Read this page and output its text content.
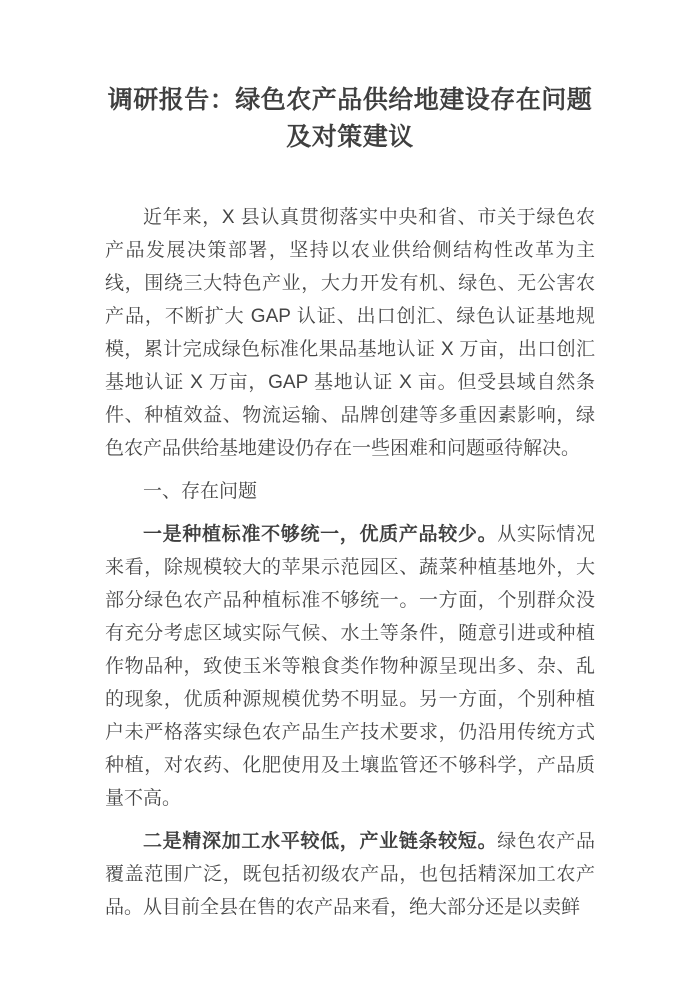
调研报告：绿色农产品供给地建设存在问题及对策建议

近年来，X 县认真贯彻落实中央和省、市关于绿色农产品发展决策部署，坚持以农业供给侧结构性改革为主线，围绕三大特色产业，大力开发有机、绿色、无公害农产品，不断扩大 GAP 认证、出口创汇、绿色认证基地规模，累计完成绿色标准化果品基地认证 X 万亩，出口创汇基地认证 X 万亩，GAP 基地认证 X 亩。但受县域自然条件、种植效益、物流运输、品牌创建等多重因素影响，绿色农产品供给基地建设仍存在一些困难和问题亟待解决。

一、存在问题

一是种植标准不够统一，优质产品较少。从实际情况来看，除规模较大的苹果示范园区、蔬菜种植基地外，大部分绿色农产品种植标准不够统一。一方面，个别群众没有充分考虑区域实际气候、水土等条件，随意引进或种植作物品种，致使玉米等粮食类作物种源呈现出多、杂、乱的现象，优质种源规模优势不明显。另一方面，个别种植户未严格落实绿色农产品生产技术要求，仍沿用传统方式种植，对农药、化肥使用及土壤监管还不够科学，产品质量不高。

二是精深加工水平较低，产业链条较短。绿色农产品覆盖范围广泛，既包括初级农产品，也包括精深加工农产品。从目前全县在售的农产品来看，绝大部分还是以卖鲜
